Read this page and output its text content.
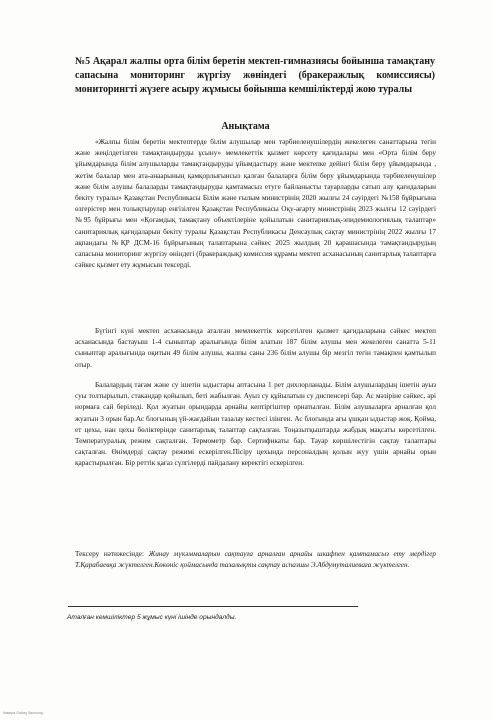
№5 Ақарал жалпы орта білім беретін мектеп-гимназиясы бойынша тамақтану сапасына мониторинг жүргізу жөніндегі (бракеражлық комиссиясы) мониторингті жүзеге асыру жұмысы бойынша кемшіліктерді жою туралы
Анықтама

«Жалпы білім беретін мектептерде білім алушылар мен тәрбиеленушілердің жекелеген санаттарына тегін және жеңілдетілген тамақтандыруды ұсыну» мемлекеттік қызмет көрсету қағидалары мен «Орта білім беру ұйымдарында білім алушыларды тамақтандыруды ұйымдастыру және мектепке дейінгі білім беру ұйымдарында , жетім балалар мен ата-анаарының қамқорлығынсыз қалған балаларға білім беру ұйымдарында тәрбиеленушілер және білім алушы балаларды тамақтандыруды қамтамасыз етуге байланысты тауарларды сатып алу қағидаларын бекіту туралы» Қазақстан Республикасы Білім және ғылым министрінің 2020 жылғы 24 сәуірдегі №158 бұйрығына өзгерістер мен толықтырулар енгізілген Қазақстан Республикасы Оқу-ағарту министрінің 2023 жылғы 12 сәуірдегі №95 бұйрығы мен «Қоғамдық тамақтану объектілеріне қойылатын санитариялық-эпидемиологиялық талаптар» санитариялық қағидаларын бекіту туралы Қазақстан Республикасы Денсаулық сақтау министрінің 2022 жылғы 17 ақпандағы №ҚР ДСМ-16 бұйрығының талаптарына сәйкес 2025 жылдың 20 қарашасында тамақтандырудың сапасына мониторинг жүргізу өніндегі (бракераждық) комиссия құрамы мектеп асханасының санитарлық талаптарға сәйкес қызмет ету жұмысын тексерді.

Бүгінгі күні мектеп асханасында аталған мемлекеттік көрсетілген қызмет қағидаларына сәйкес мектеп асханасында бастауыш 1-4 сыныптар аралығында білім алатын 187 білім алушы мен жекелеген санатта 5-11 сыныптар аралығында оқитын 49 білім алушы, жалпы саны 236 білім алушы бір мезгіл тегін тамақпен қамтылып отыр.

Балалардың тағам және су ішетін ыдыстары аптасына 1 рет дихлорланады. Білім алушылардың ішетін ауыз суы толтырылып, стакандар қойылып, беті жабылған. Ауыз су құйылатын су диспенсері бар. Ас мәзіріне сәйкес, әрі нормаға сай беріледі. Қол жуатын орындарда арнайы кептіргіштер орнатылған. Білім алушыларға арналған қол жуатын 3 орын бар.Ас блогының үй-жағдайын тазалау кестесі ілінген. Ас блогында ағы ұшқан ыдыстар жоқ. Қойма, ет цехы, нан цехы бөліктерінде санитарлық талаптар сақталған. Тоңазытқыштарда жабдық мақсаты көрсетілген. Температуралық режим сақталған. Термометр бар. Сертификаты бар. Тауар көршілестігін сақтау талаптары сақталған. Өнімдерді сақтау режимі ескерілген.Пісіру цехында персоналдың қолын жуу үшін арнайы орын қарастырылған. Бір реттік қағаз сүлгілерді пайдалану керектігі ескерілген.

Тексеру нәтижесінде: Жинау мүкәммаларын сақтауға арналған арнайы шкафпен қамтамасыз ету мердігер Т.Қарабаевқа жүктелген.Көкөніс қоймасында тазалықты сақтау аспазшы Э.Абдумуталиеваға жүктелген.

Аталған кемшіліктер 5 жұмыс күні ішінде орындалды.

Камера Galaxy Samsung
